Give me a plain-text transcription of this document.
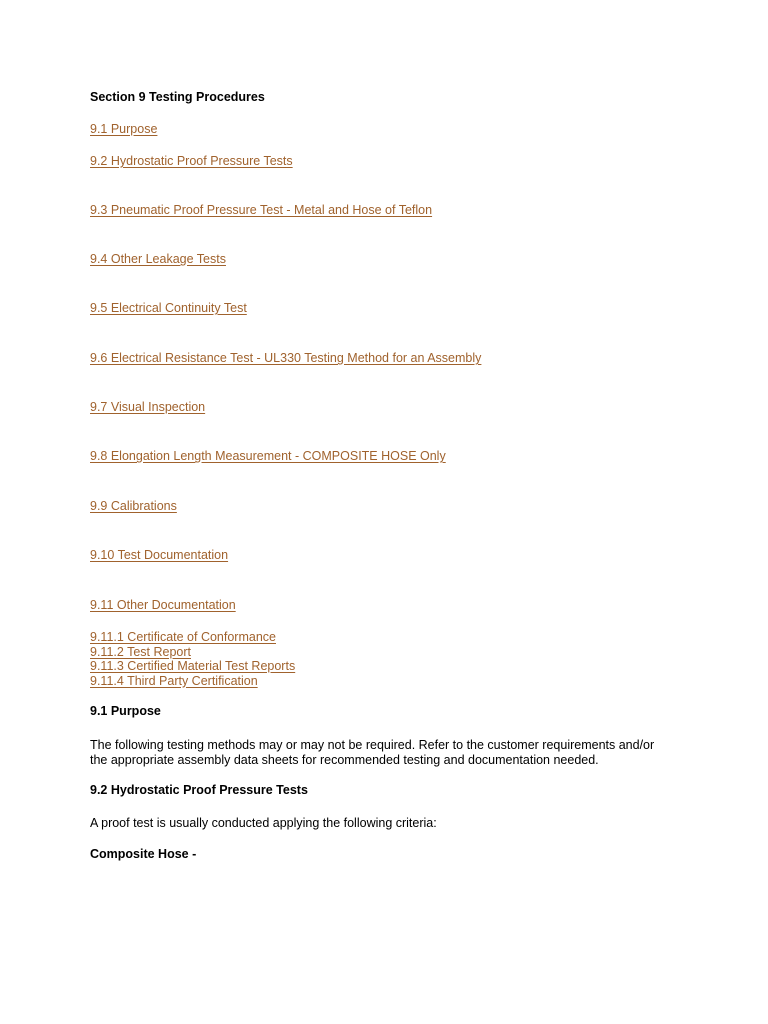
Section 9 Testing Procedures
9.1 Purpose
9.2 Hydrostatic Proof Pressure Tests
9.3 Pneumatic Proof Pressure Test - Metal and Hose of Teflon
9.4 Other Leakage Tests
9.5 Electrical Continuity Test
9.6 Electrical Resistance Test - UL330 Testing Method for an Assembly
9.7 Visual Inspection
9.8 Elongation Length Measurement - COMPOSITE HOSE Only
9.9 Calibrations
9.10 Test Documentation
9.11 Other Documentation
9.11.1 Certificate of Conformance
9.11.2 Test Report
9.11.3 Certified Material Test Reports
9.11.4 Third Party Certification
9.1 Purpose
The following testing methods may or may not be required. Refer to the customer requirements and/or
the appropriate assembly data sheets for recommended testing and documentation needed.
9.2 Hydrostatic Proof Pressure Tests
A proof test is usually conducted applying the following criteria:
Composite Hose -
